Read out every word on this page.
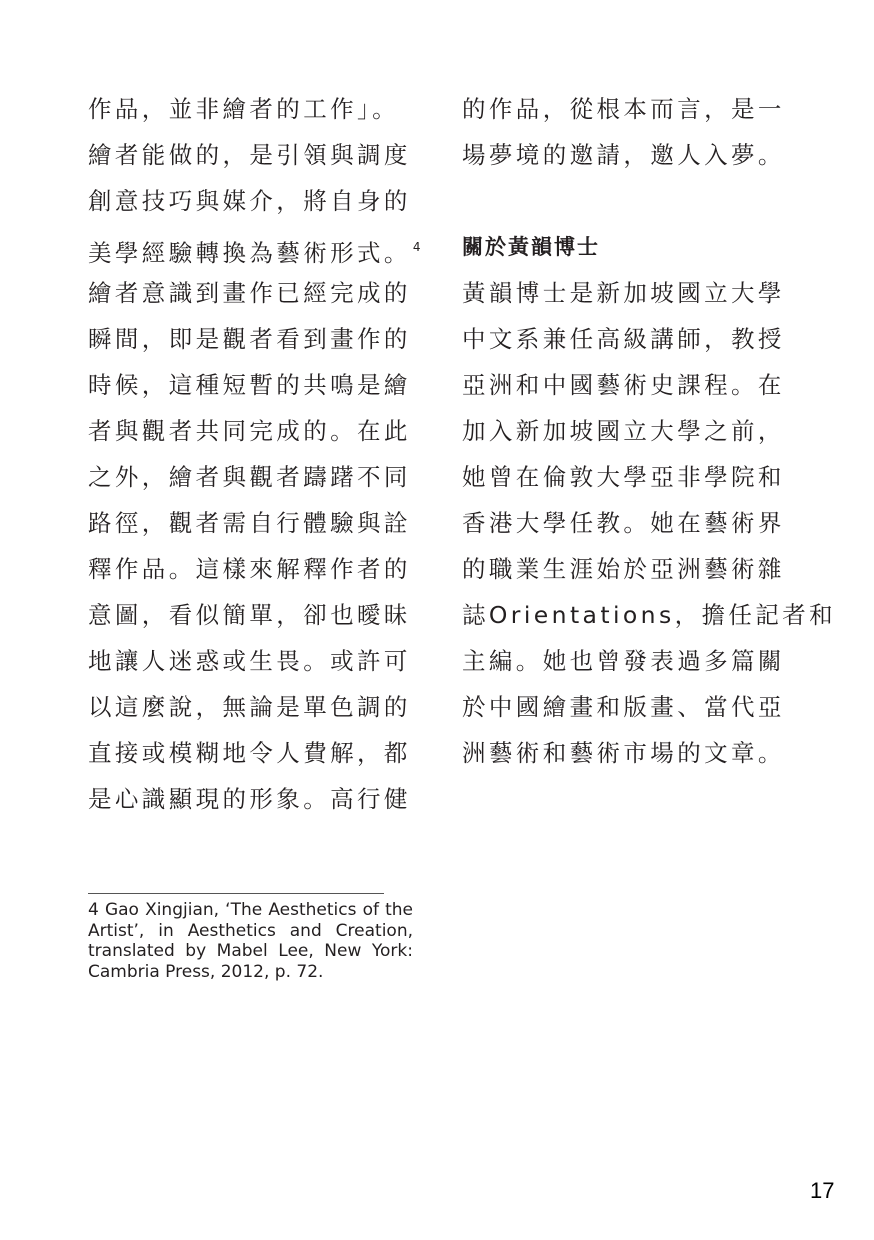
作品，並非繪者的工作」。
繪者能做的，是引領與調度
創意技巧與媒介，將自身的
美學經驗轉換為藝術形式。 $^4$
繪者意識到畫作已經完成的
瞬間，即是觀者看到畫作的
時候，這種短暫的共鳴是繪
者與觀者共同完成的。在此
之外，繪者與觀者躊躇不同
路徑，觀者需自行體驗與詮
釋作品。這樣來解釋作者的
意圖，看似簡單，卻也曖昧
地讓人迷惑或生畏。或許可
以這麼說，無論是單色調的
直接或模糊地令人費解，都
是心識顯現的形象。高行健
的作品，從根本而言，是一
場夢境的邀請，邀人入夢。
關於黃韻博士
黃韻博士是新加坡國立大學
中文系兼任高級講師，教授
亞洲和中國藝術史課程。在
加入新加坡國立大學之前，
她曾在倫敦大學亞非學院和
香港大學任教。她在藝術界
的職業生涯始於亞洲藝術雜
誌Orientations，擔任記者和
主編。她也曾發表過多篇關
於中國繪畫和版畫、當代亞
洲藝術和藝術市場的文章。
4 Gao Xingjian, ‘The Aesthetics of the Artist’, in Aesthetics and Creation, translated by Mabel Lee, New York: Cambria Press, 2012, p. 72.
17
